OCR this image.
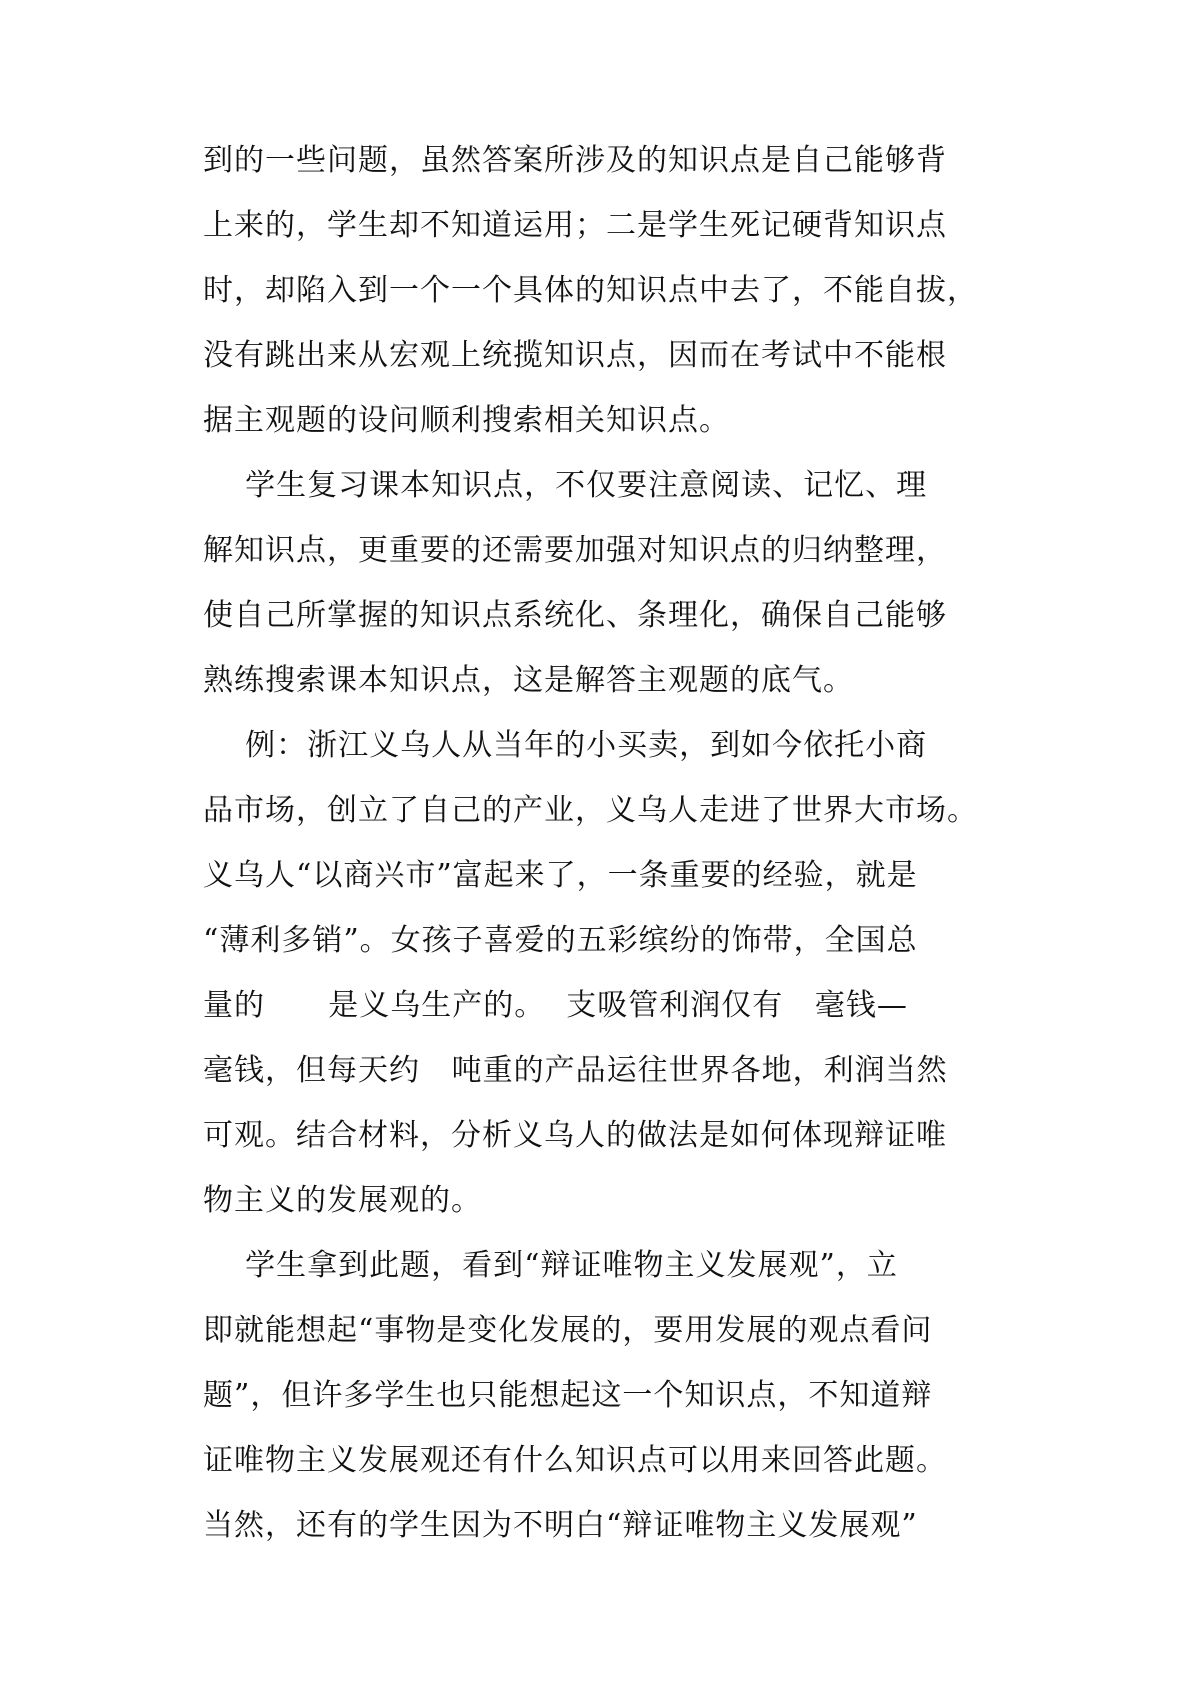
到的一些问题，虽然答案所涉及的知识点是自己能够背
上来的，学生却不知道运用；二是学生死记硬背知识点
时，却陷入到一个一个具体的知识点中去了，不能自拔，
没有跳出来从宏观上统揽知识点，因而在考试中不能根
据主观题的设问顺利搜索相关知识点。
学生复习课本知识点，不仅要注意阅读、记忆、理
解知识点，更重要的还需要加强对知识点的归纳整理，
使自己所掌握的知识点系统化、条理化，确保自己能够
熟练搜索课本知识点，这是解答主观题的底气。
例：浙江义乌人从当年的小买卖，到如今依托小商
品市场，创立了自己的产业，义乌人走进了世界大市场。
义乌人“以商兴市”富起来了，一条重要的经验，就是
“薄利多销”。女孩子喜爱的五彩缤纷的饰带，全国总
量的      是义乌生产的。  支吸管利润仅有   毫钱—
毫钱，但每天约   吨重的产品运往世界各地，利润当然
可观。结合材料，分析义乌人的做法是如何体现辩证唯
物主义的发展观的。
学生拿到此题，看到“辩证唯物主义发展观”，立
即就能想起“事物是变化发展的，要用发展的观点看问
题”，但许多学生也只能想起这一个知识点，不知道辩
证唯物主义发展观还有什么知识点可以用来回答此题。
当然，还有的学生因为不明白“辩证唯物主义发展观”
